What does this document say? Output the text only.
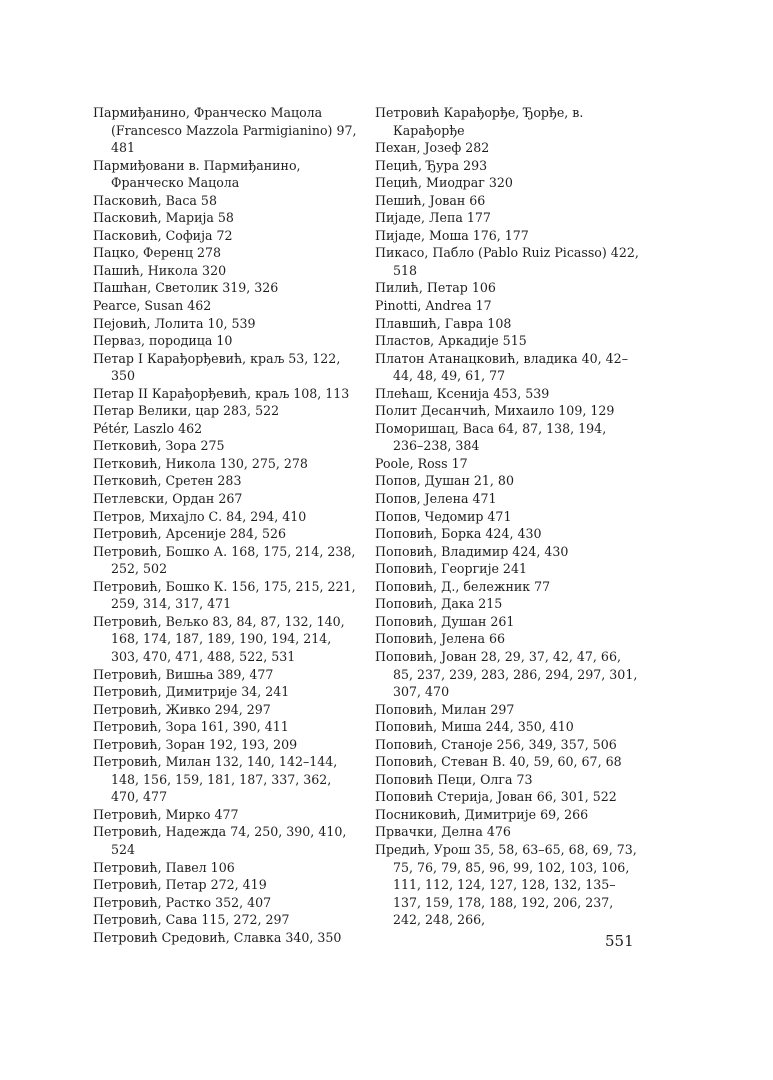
Пармиђанино, Франческо Мацола (Francesco Mazzola Parmigianino) 97, 481
Пармиђовани в. Пармиђанино, Франческо Мацола
Пасковић, Васа 58
Пасковић, Марија 58
Пасковић, Софија 72
Пацко, Ференц 278
Пашић, Никола 320
Пашћан, Светолик 319, 326
Pearce, Susan 462
Пејовић, Лолита 10, 539
Перваз, породица 10
Петар I Карађорђевић, краљ 53, 122, 350
Петар II Карађорђевић, краљ 108, 113
Петар Велики, цар 283, 522
Pétér, Laszlo 462
Петковић, Зора 275
Петковић, Никола 130, 275, 278
Петковић, Сретен 283
Петлевски, Ордан 267
Петров, Михајло С. 84, 294, 410
Петровић, Арсеније 284, 526
Петровић, Бошко А. 168, 175, 214, 238, 252, 502
Петровић, Бошко К. 156, 175, 215, 221, 259, 314, 317, 471
Петровић, Вељко 83, 84, 87, 132, 140, 168, 174, 187, 189, 190, 194, 214, 303, 470, 471, 488, 522, 531
Петровић, Вишња 389, 477
Петровић, Димитрије 34, 241
Петровић, Живко 294, 297
Петровић, Зора 161, 390, 411
Петровић, Зоран 192, 193, 209
Петровић, Милан 132, 140, 142–144, 148, 156, 159, 181, 187, 337, 362, 470, 477
Петровић, Мирко 477
Петровић, Надежда 74, 250, 390, 410, 524
Петровић, Павел 106
Петровић, Петар 272, 419
Петровић, Растко 352, 407
Петровић, Сава 115, 272, 297
Петровић Средовић, Славка 340, 350
Петровић Карађорђе, Ђорђе, в. Карађорђе
Пехан, Јозеф 282
Пецић, Ђура 293
Пецић, Миодраг 320
Пешић, Јован 66
Пијаде, Лепа 177
Пијаде, Моша 176, 177
Пикасо, Пабло (Pablo Ruiz Picasso) 422, 518
Пилић, Петар 106
Pinotti, Andrea 17
Плавшић, Гавра 108
Пластов, Аркадије 515
Платон Атанацковић, владика 40, 42–44, 48, 49, 61, 77
Плећаш, Ксенија 453, 539
Полит Десанчић, Михаило 109, 129
Поморишац, Васа 64, 87, 138, 194, 236–238, 384
Poole, Ross 17
Попов, Душан 21, 80
Попов, Јелена 471
Попов, Чедомир 471
Поповић, Борка 424, 430
Поповић, Владимир 424, 430
Поповић, Георгије 241
Поповић, Д., бележник 77
Поповић, Дака 215
Поповић, Душан 261
Поповић, Јелена 66
Поповић, Јован 28, 29, 37, 42, 47, 66, 85, 237, 239, 283, 286, 294, 297, 301, 307, 470
Поповић, Милан 297
Поповић, Миша 244, 350, 410
Поповић, Станоје 256, 349, 357, 506
Поповић, Стеван В. 40, 59, 60, 67, 68
Поповић Пеци, Олга 73
Поповић Стерија, Јован 66, 301, 522
Посниковић, Димитрије 69, 266
Првачки, Делна 476
Предић, Урош 35, 58, 63–65, 68, 69, 73, 75, 76, 79, 85, 96, 99, 102, 103, 106, 111, 112, 124, 127, 128, 132, 135–137, 159, 178, 188, 192, 206, 237, 242, 248, 266,
551
